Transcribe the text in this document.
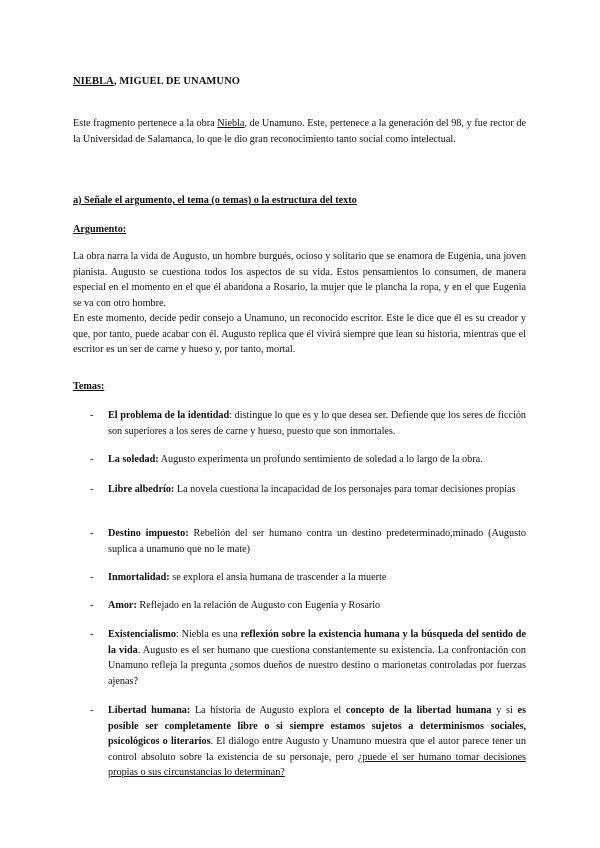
NIEBLA, MIGUEL DE UNAMUNO
Este fragmento pertenece a la obra Niebla, de Unamuno. Este, pertenece a la generación del 98, y fue rector de la Universidad de Salamanca, lo que le dio gran reconocimiento tanto social como intelectual.
a) Señale el argumento, el tema (o temas) o la estructura del texto
Argumento:

La obra narra la vida de Augusto, un hombre burgués, ocioso y solitario que se enamora de Eugenia, una joven pianista. Augusto se cuestiona todos los aspectos de su vida. Estos pensamientos lo consumen, de manera especial en el momento en el que él abandona a Rosario, la mujer que le plancha la ropa, y en el que Eugenia se va con otro hombre.

En este momento, decide pedir consejo a Unamuno, un reconocido escritor. Este le dice que él es su creador y que, por tanto, puede acabar con él. Augusto replica que él vivirá siempre que lean su historia, mientras que el escritor es un ser de carne y hueso y, por tanto, mortal.

Temas:
-	El problema de la identidad: distingue lo que es y lo que desea ser. Defiende que los seres de ficción son superiores a los seres de carne y hueso, puesto que son inmortales.
-	La soledad: Augusto experimenta un profundo sentimiento de soledad a lo largo de la obra.
-	Libre albedrío: La novela cuestiona la incapacidad de los personajes para tomar decisiones propias
-	Destino impuesto: Rebelión del ser humano contra un destino predeterminado,minado (Augusto suplica a unamuno que no le mate)
-	Inmortalidad: se explora el ansia humana de trascender a la muerte
-	Amor: Reflejado en la relación de Augusto con Eugenia y Rosario
-	Existencialismo: Niebla es una reflexión sobre la existencia humana y la búsqueda del sentido de la vida. Augusto es el ser humano que cuestiona constantemente su existencia. La confrontación con Unamuno refleja la pregunta ¿somos dueños de nuestro destino o marionetas controladas por fuerzas ajenas?
-	Libertad humana: La historia de Augusto explora el concepto de la libertad humana y si es posible ser completamente libre o si siempre estamos sujetos a determinismos sociales, psicológicos o literarios. El diálogo entre Augusto y Unamuno muestra que el autor parece tener un control absoluto sobre la existencia de su personaje, pero ¿puede el ser humano tomar decisiones propias o sus circunstancias lo determinan?
